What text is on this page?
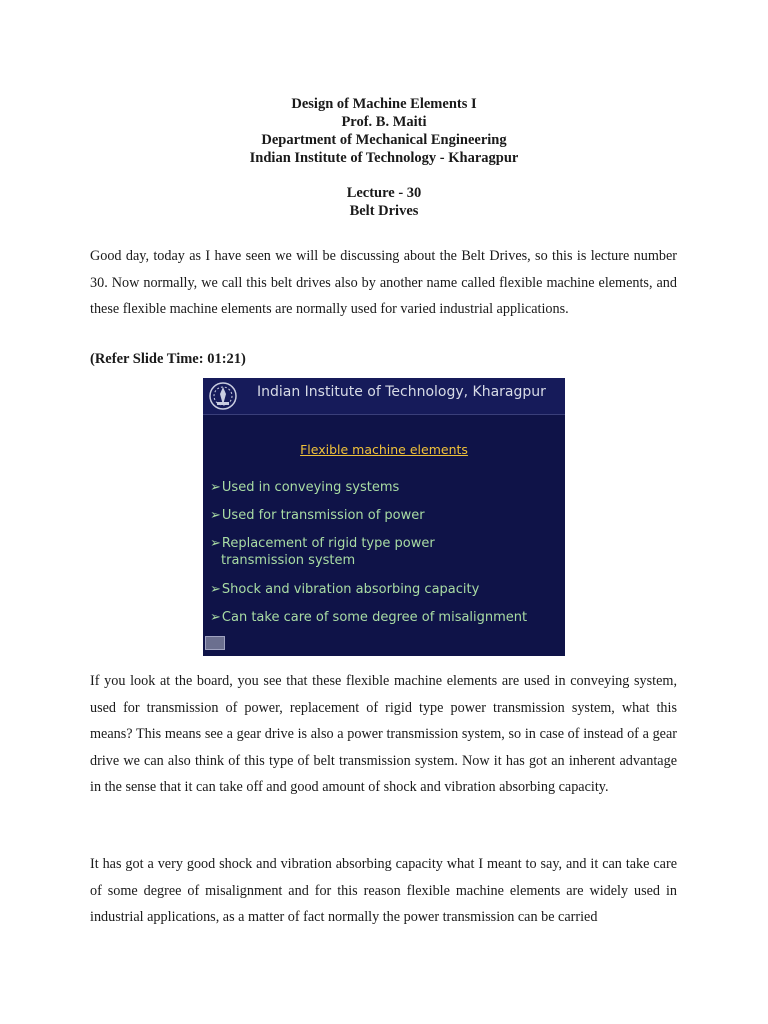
Design of Machine Elements I
Prof. B. Maiti
Department of Mechanical Engineering
Indian Institute of Technology - Kharagpur
Lecture - 30
Belt Drives

Good day, today as I have seen we will be discussing about the Belt Drives, so this is lecture number 30. Now normally, we call this belt drives also by another name called flexible machine elements, and these flexible machine elements are normally used for varied industrial applications.

(Refer Slide Time: 01:21)
Indian Institute of Technology, Kharagpur
Flexible machine elements
➢Used in conveying systems
➢Used for transmission of power
➢Replacement of rigid type power
transmission system
➢Shock and vibration absorbing capacity
➢Can take care of some degree of misalignment

If you look at the board, you see that these flexible machine elements are used in conveying system, used for transmission of power, replacement of rigid type power transmission system, what this means? This means see a gear drive is also a power transmission system, so in case of instead of a gear drive we can also think of this type of belt transmission system. Now it has got an inherent advantage in the sense that it can take off and good amount of shock and vibration absorbing capacity.

It has got a very good shock and vibration absorbing capacity what I meant to say, and it can take care of some degree of misalignment and for this reason flexible machine elements are widely used in industrial applications, as a matter of fact normally the power transmission can be carried
